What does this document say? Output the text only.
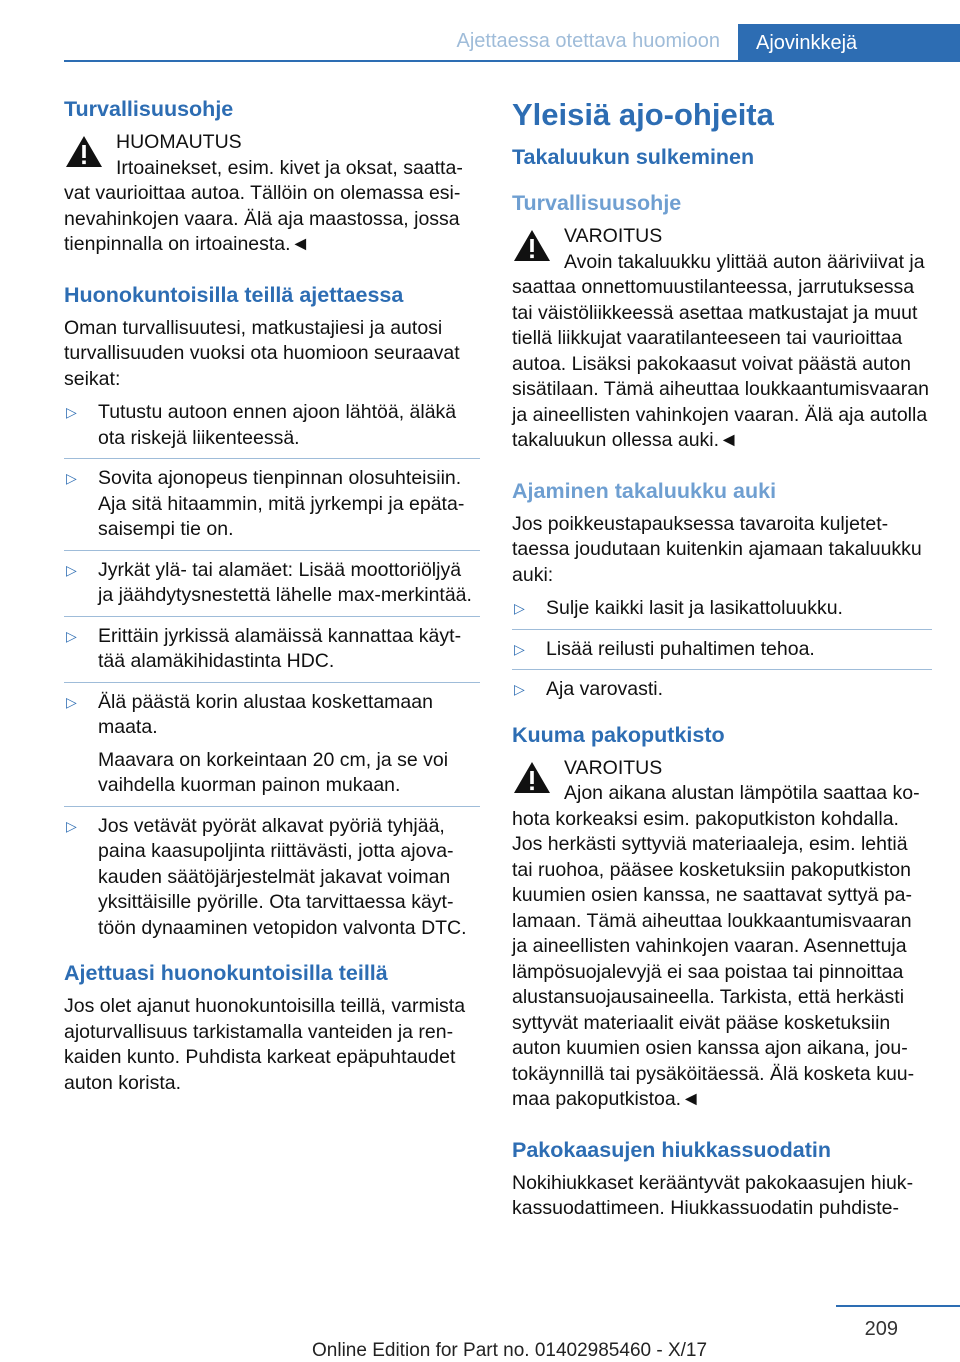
Ajettaessa otettava huomioon Ajovinkkejä
Turvallisuusohje

HUOMAUTUS

Irtoainekset, esim. kivet ja oksat, saattavat vaurioittaa autoa. Tällöin on olemassa esinevahinkojen vaara. Älä aja maastossa, jossa tienpinnalla on irtoainesta.◄

Huonokuntoisilla teillä ajettaessa

Oman turvallisuutesi, matkustajiesi ja autosi turvallisuuden vuoksi ota huomioon seuraavat seikat:

▷ Tutustu autoon ennen ajoon lähtöä, äläkä ota riskejä liikenteessä.
▷ Sovita ajonopeus tienpinnan olosuhteisiin. Aja sitä hitaammin, mitä jyrkempi ja epätasaisempi tie on.
▷ Jyrkät ylä- tai alamäet: Lisää moottoriöljyä ja jäähdytysnestettä lähelle max-merkintää.
▷ Erittäin jyrkissä alamäissä kannattaa käyttää alamäkihidastinta HDC.
▷ Älä päästä korin alustaa koskettamaan maata.
Maavara on korkeintaan 20 cm, ja se voi vaihdella kuorman painon mukaan.
▷ Jos vetävät pyörät alkavat pyöriä tyhjää, paina kaasupoljinta riittävästi, jotta ajovakauden säätöjärjestelmät jakavat voiman yksittäisille pyörille. Ota tarvittaessa käyttöön dynaaminen vetopidon valvonta DTC.
Ajettuasi huonokuntoisilla teillä

Jos olet ajanut huonokuntoisilla teillä, varmista ajoturvallisuus tarkistamalla vanteiden ja renkaiden kunto. Puhdista karkeat epäpuhtaudet auton korista.

Yleisiä ajo-ohjeita
Takaluukun sulkeminen
Turvallisuusohje

VAROITUS

Avoin takaluukku ylittää auton ääriviivat ja saattaa onnettomuustilanteessa, jarrutuksessa tai väistöliikkeessä asettaa matkustajat ja muut tiellä liikkujat vaaratilanteeseen tai vaurioittaa autoa. Lisäksi pakokaasut voivat päästä auton sisätilaan. Tämä aiheuttaa loukkaantumisvaaran ja aineellisten vahinkojen vaaran. Älä aja autolla takaluukun ollessa auki.◄

Ajaminen takaluukku auki

Jos poikkeustapauksessa tavaroita kuljetettaessa joudutaan kuitenkin ajamaan takaluukku auki:

▷ Sulje kaikki lasit ja lasikattoluukku.
▷ Lisää reilusti puhaltimen tehoa.
▷ Aja varovasti.
Kuuma pakoputkisto

VAROITUS

Ajon aikana alustan lämpötila saattaa kohota korkeaksi esim. pakoputkiston kohdalla. Jos herkästi syttyviä materiaaleja, esim. lehtiä tai ruohoa, pääsee kosketuksiin pakoputkiston kuumien osien kanssa, ne saattavat syttyä palamaan. Tämä aiheuttaa loukkaantumisvaaran ja aineellisten vahinkojen vaaran. Asennettuja lämpösuojalevyjä ei saa poistaa tai pinnoittaa alustansuojausaineella. Tarkista, että herkästi syttyvät materiaalit eivät pääse kosketuksiin auton kuumien osien kanssa ajon aikana, joutokäynnillä tai pysäköitäessä. Älä kosketa kuumaa pakoputkistoa.◄

Pakokaasujen hiukkassuodatin

Nokihiukkaset kerääntyvät pakokaasujen hiukkassuodattimeen. Hiukkassuodatin puhdiste-

209
Online Edition for Part no. 01402985460 - X/17
